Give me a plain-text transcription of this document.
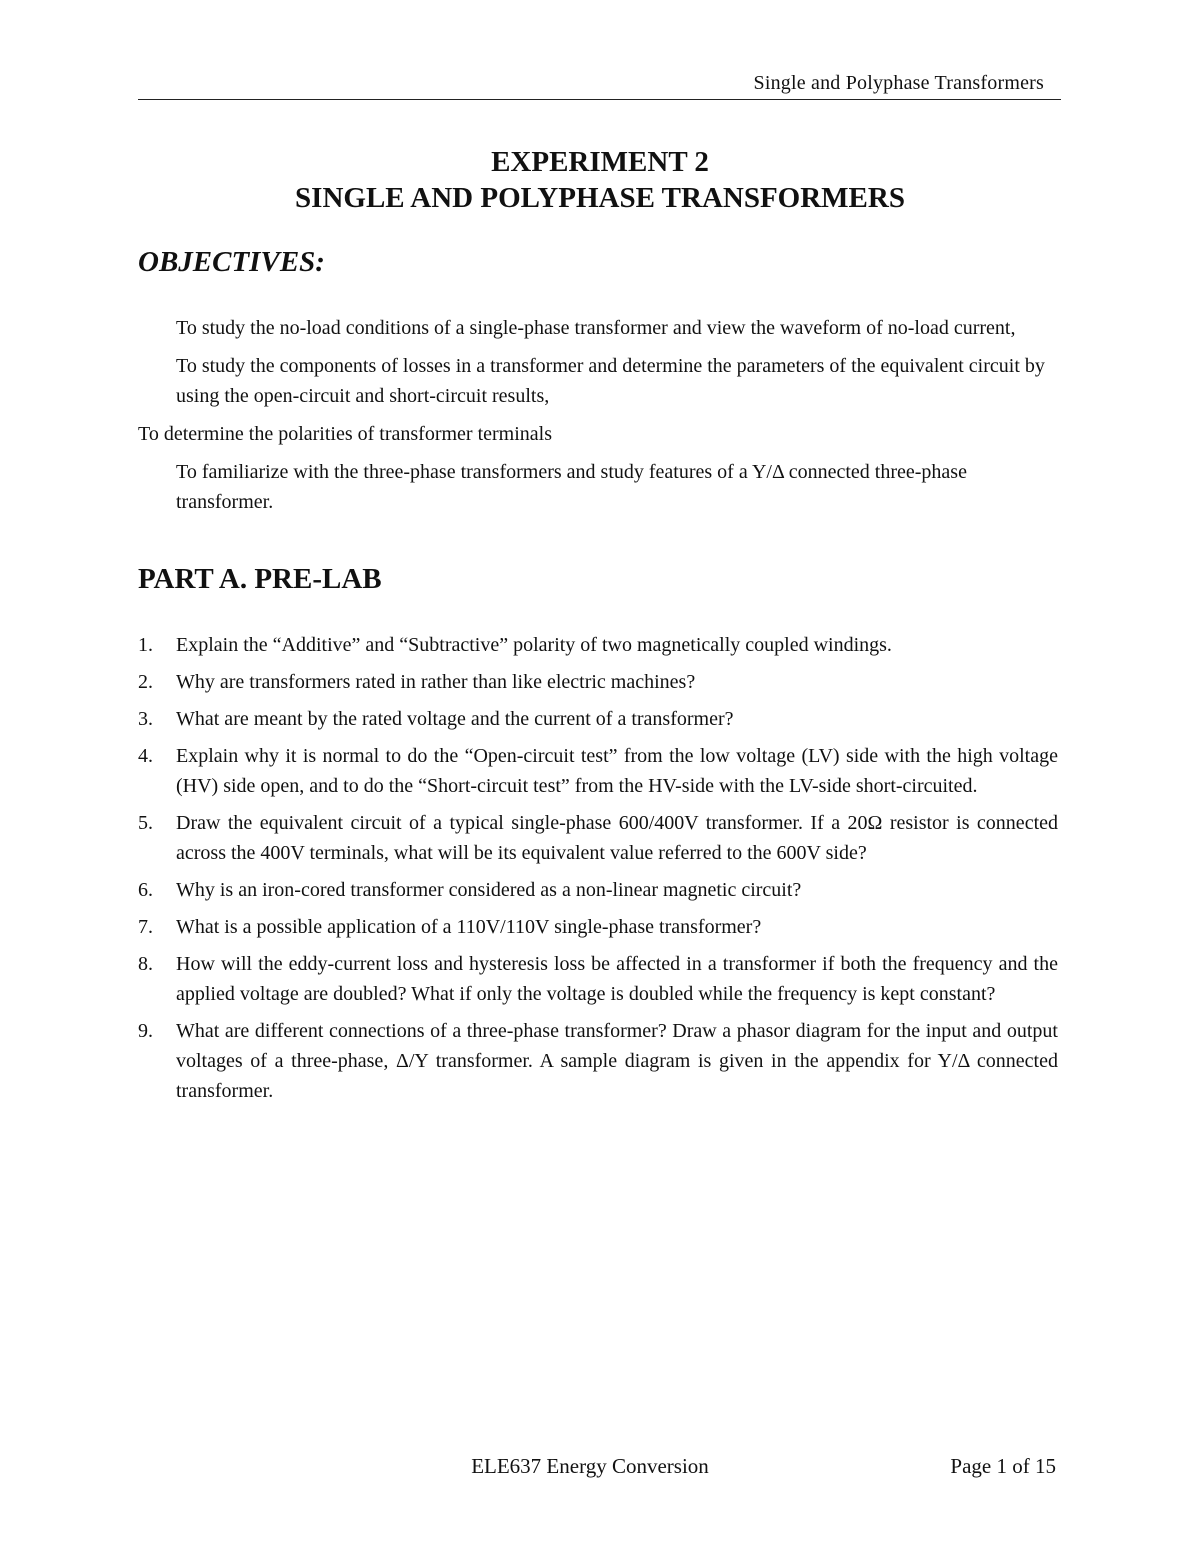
Single and Polyphase Transformers
EXPERIMENT 2
SINGLE AND POLYPHASE TRANSFORMERS
OBJECTIVES:
To study the no-load conditions of a single-phase transformer and view the waveform of no-load current,
To study the components of losses in a transformer and determine the parameters of the equivalent circuit by using the open-circuit and short-circuit results,
To determine the polarities of transformer terminals
To familiarize with the three-phase transformers and study features of a Y/Δ connected three-phase transformer.
PART A. PRE-LAB
1.	Explain the “Additive” and “Subtractive” polarity of two magnetically coupled windings.
2.	Why are transformers rated in rather than like electric machines?
3.	What are meant by the rated voltage and the current of a transformer?
4.	Explain why it is normal to do the “Open-circuit test” from the low voltage (LV) side with the high voltage (HV) side open, and to do the “Short-circuit test” from the HV-side with the LV-side short-circuited.
5.	Draw the equivalent circuit of a typical single-phase 600/400V transformer. If a 20Ω resistor is connected across the 400V terminals, what will be its equivalent value referred to the 600V side?
6.	Why is an iron-cored transformer considered as a non-linear magnetic circuit?
7.	What is a possible application of a 110V/110V single-phase transformer?
8.	How will the eddy-current loss and hysteresis loss be affected in a transformer if both the frequency and the applied voltage are doubled? What if only the voltage is doubled while the frequency is kept constant?
9.	What are different connections of a three-phase transformer? Draw a phasor diagram for the input and output voltages of a three-phase, Δ/Y transformer. A sample diagram is given in the appendix for Y/Δ connected transformer.
ELE637 Energy Conversion	Page 1 of 15
